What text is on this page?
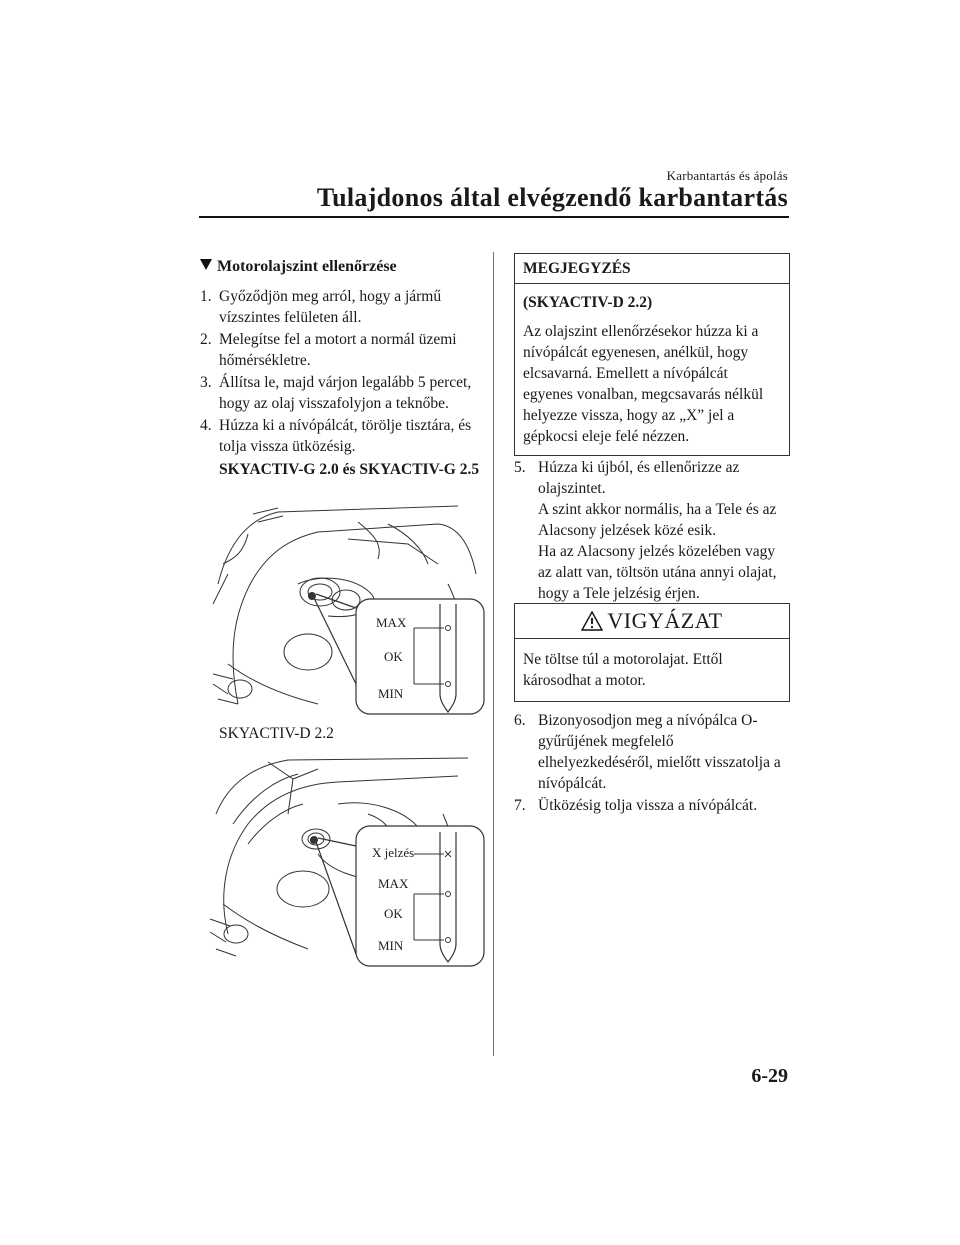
Karbantartás és ápolás
Tulajdonos által elvégzendő karbantartás
Motorolajszint ellenőrzése
1. Győződjön meg arról, hogy a jármű vízszintes felületen áll.
2. Melegítse fel a motort a normál üzemi hőmérsékletre.
3. Állítsa le, majd várjon legalább 5 percet, hogy az olaj visszafolyjon a teknőbe.
4. Húzza ki a nívópálcát, törölje tisztára, és tolja vissza ütközésig.
SKYACTIV-G 2.0 és SKYACTIV-G 2.5
MAX
OK
MIN
SKYACTIV-D 2.2
X jelzés
MAX
OK
MIN
MEGJEGYZÉS
(SKYACTIV-D 2.2)
Az olajszint ellenőrzésekor húzza ki a nívópálcát egyenesen, anélkül, hogy elcsavarná. Emellett a nívópálcát egyenes vonalban, megcsavarás nélkül helyezze vissza, hogy az „X” jel a gépkocsi eleje felé nézzen.
5. Húzza ki újból, és ellenőrizze az olajszintet.
A szint akkor normális, ha a Tele és az Alacsony jelzések közé esik.
Ha az Alacsony jelzés közelében vagy az alatt van, töltsön utána annyi olajat, hogy a Tele jelzésig érjen.
VIGYÁZAT
Ne töltse túl a motorolajat. Ettől károsodhat a motor.
6. Bizonyosodjon meg a nívópálca O-gyűrűjének megfelelő elhelyezkedéséről, mielőtt visszatolja a nívópálcát.
7. Ütközésig tolja vissza a nívópálcát.
6-29
